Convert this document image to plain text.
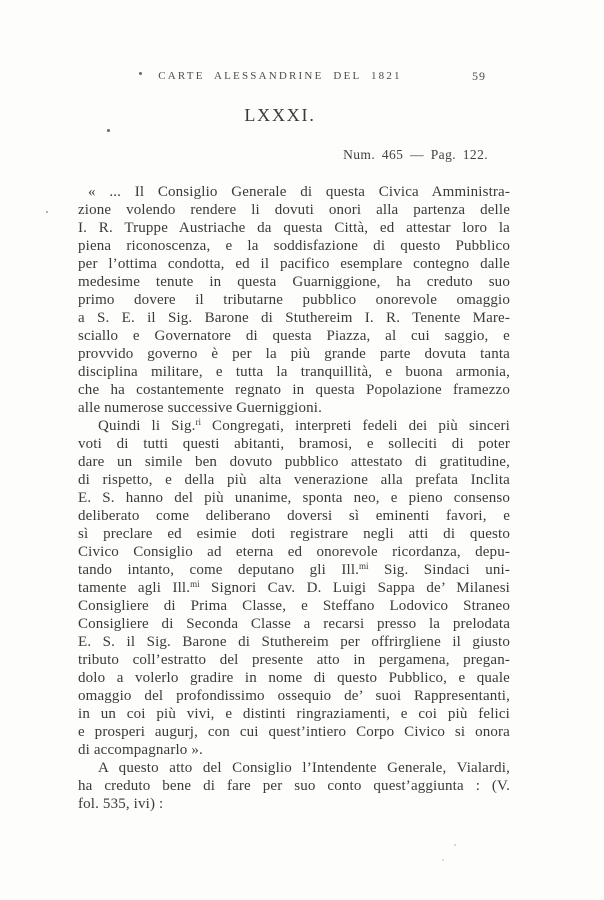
CARTE ALESSANDRINE DEL 1821	59
LXXXI.
Num. 465 — Pag. 122.
« ... Il Consiglio Generale di questa Civica Amministra-
zione volendo rendere li dovuti onori alla partenza delle
I. R. Truppe Austriache da questa Città, ed attestar loro la
piena riconoscenza, e la soddisfazione di questo Pubblico
per l’ottima condotta, ed il pacifico esemplare contegno dalle
medesime tenute in questa Guarniggione, ha creduto suo
primo dovere il tributarne pubblico onorevole omaggio
a S. E. il Sig. Barone di Stuthereim I. R. Tenente Mare-
sciallo e Governatore di questa Piazza, al cui saggio, e
provvido governo è per la più grande parte dovuta tanta
disciplina militare, e tutta la tranquillità, e buona armonia,
che ha costantemente regnato in questa Popolazione framezzo
alle numerose successive Guerniggioni.
Quindi li Sig.$^{ri}$ Congregati, interpreti fedeli dei più sinceri
voti di tutti questi abitanti, bramosi, e solleciti di poter
dare un simile ben dovuto pubblico attestato di gratitudine,
di rispetto, e della più alta venerazione alla prefata Inclita
E. S. hanno del più unanime, sponta neo, e pieno consenso
deliberato come deliberano doversi sì eminenti favori, e
sì preclare ed esimie doti registrare negli atti di questo
Civico Consiglio ad eterna ed onorevole ricordanza, depu-
tando intanto, come deputano gli Ill.$^{mi}$ Sig. Sindaci uni-
tamente agli Ill.$^{mi}$ Signori Cav. D. Luigi Sappa de’ Milanesi
Consigliere di Prima Classe, e Steffano Lodovico Straneo
Consigliere di Seconda Classe a recarsi presso la prelodata
E. S. il Sig. Barone di Stuthereim per offrirgliene il giusto
tributo coll’estratto del presente atto in pergamena, pregan-
dolo a volerlo gradire in nome di questo Pubblico, e quale
omaggio del profondissimo ossequio de’ suoi Rappresentanti,
in un coi più vivi, e distinti ringraziamenti, e coi più felici
e prosperi augurj, con cui quest’intiero Corpo Civico si onora
di accompagnarlo ».
A questo atto del Consiglio l’Intendente Generale, Vialardi,
ha creduto bene di fare per suo conto quest’aggiunta : (V.
fol. 535, ivi) :
